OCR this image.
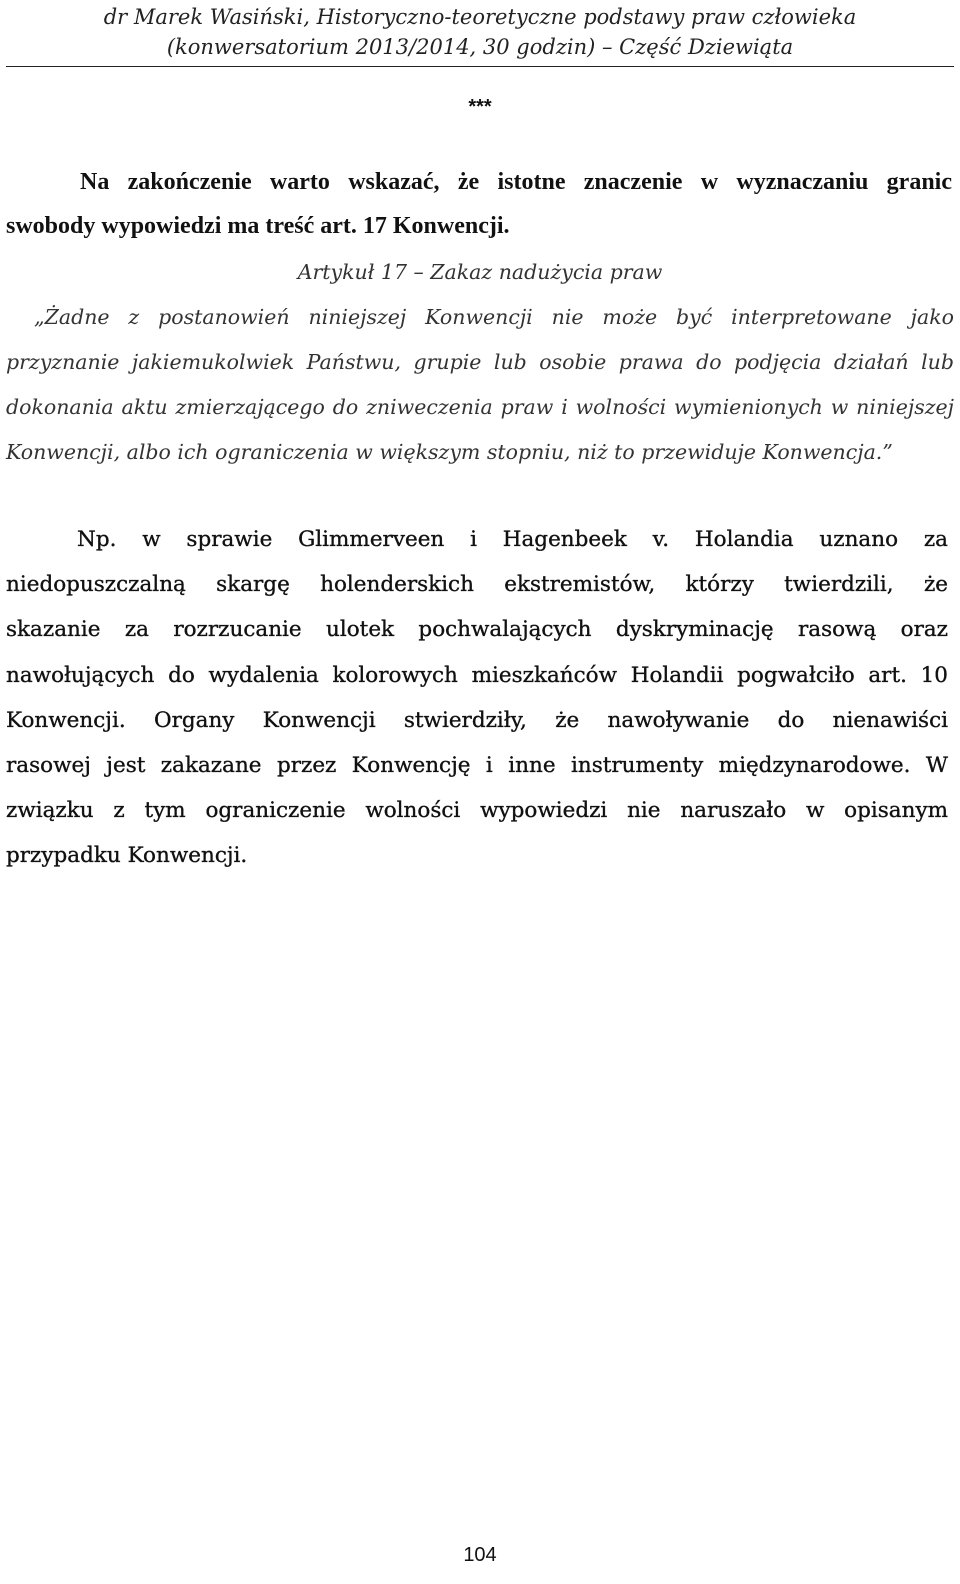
dr Marek Wasiński, Historyczno-teoretyczne podstawy praw człowieka
(konwersatorium 2013/2014, 30 godzin) – Część Dziewiąta
***
Na zakończenie warto wskazać, że istotne znaczenie w wyznaczaniu granic
swobody wypowiedzi ma treść art. 17 Konwencji.
Artykuł 17 – Zakaz nadużycia praw
„Żadne z postanowień niniejszej Konwencji nie może być interpretowane jako
przyznanie jakiemukolwiek Państwu, grupie lub osobie prawa do podjęcia działań lub
dokonania aktu zmierzającego do zniweczenia praw i wolności wymienionych w niniejszej
Konwencji, albo ich ograniczenia w większym stopniu, niż to przewiduje Konwencja.”
Np. w sprawie Glimmerveen i Hagenbeek v. Holandia uznano za
niedopuszczalną skargę holenderskich ekstremistów, którzy twierdzili, że
skazanie za rozrzucanie ulotek pochwalających dyskryminację rasową oraz
nawołujących do wydalenia kolorowych mieszkańców Holandii pogwałciło art. 10
Konwencji. Organy Konwencji stwierdziły, że nawoływanie do nienawiści
rasowej jest zakazane przez Konwencję i inne instrumenty międzynarodowe. W
związku z tym ograniczenie wolności wypowiedzi nie naruszało w opisanym
przypadku Konwencji.
104
